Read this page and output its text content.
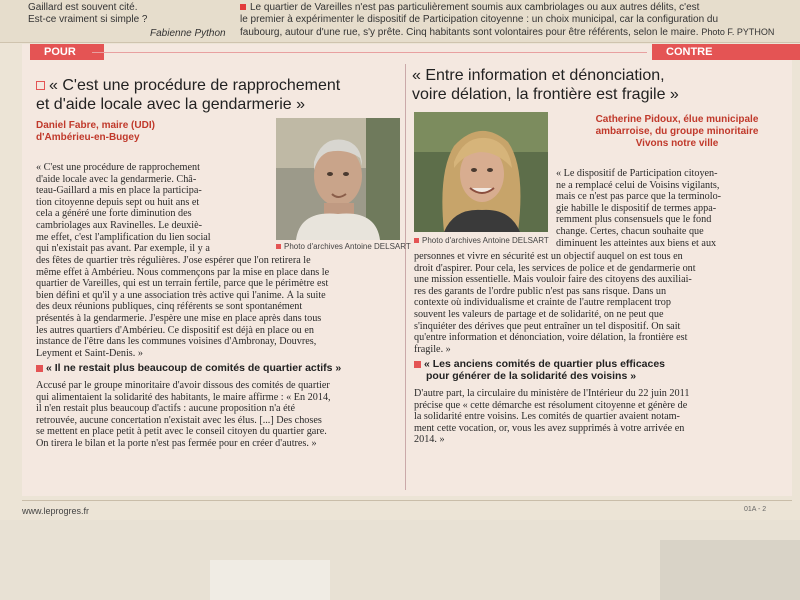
Gaillard est souvent cité.
Est-ce vraiment si simple ?
Fabienne Python
Le quartier de Vareilles n'est pas particulièrement soumis aux cambriolages ou aux autres délits, c'est
le premier à expérimenter le dispositif de Participation citoyenne : un choix municipal, car la configuration du
faubourg, autour d'une rue, s'y prête. Cinq habitants sont volontaires pour être référents, selon le maire. Photo F. PYTHON
POUR	CONTRE
« C'est une procédure de rapprochement
et d'aide locale avec la gendarmerie »
Daniel Fabre, maire (UDI)
d'Ambérieu-en-Bugey
Photo d'archives Antoine DELSART
« C'est une procédure de rapprochement
d'aide locale avec la gendarmerie. Châ-
teau-Gaillard a mis en place la participa-
tion citoyenne depuis sept ou huit ans et
cela a généré une forte diminution des
cambriolages aux Ravinelles. Le deuxiè-
me effet, c'est l'amplification du lien social
qui n'existait pas avant. Par exemple, il y a
des fêtes de quartier très régulières. J'ose espérer que l'on retirera le
même effet à Ambérieu. Nous commençons par la mise en place dans le
quartier de Vareilles, qui est un terrain fertile, parce que le périmètre est
bien défini et qu'il y a une association très active qui l'anime. À la suite
des deux réunions publiques, cinq référents se sont spontanément
présentés à la gendarmerie. J'espère une mise en place après dans tous
les autres quartiers d'Ambérieu. Ce dispositif est déjà en place ou en
instance de l'être dans les communes voisines d'Ambronay, Douvres,
Leyment et Saint-Denis. »
« Il ne restait plus beaucoup de comités de quartier actifs »
Accusé par le groupe minoritaire d'avoir dissous des comités de quartier
qui alimentaient la solidarité des habitants, le maire affirme : « En 2014,
il n'en restait plus beaucoup d'actifs : aucune proposition n'a été
retrouvée, aucune concertation n'existait avec les élus. [...] Des choses
se mettent en place petit à petit avec le conseil citoyen du quartier gare.
On tirera le bilan et la porte n'est pas fermée pour en créer d'autres. »
« Entre information et dénonciation,
voire délation, la frontière est fragile »
Photo d'archives Antoine DELSART
Catherine Pidoux, élue municipale
ambarroise, du groupe minoritaire
Vivons notre ville
« Le dispositif de Participation citoyen-
ne a remplacé celui de Voisins vigilants,
mais ce n'est pas parce que la terminolo-
gie habille le dispositif de termes appa-
remment plus consensuels que le fond
change. Certes, chacun souhaite que
diminuent les atteintes aux biens et aux
personnes et vivre en sécurité est un objectif auquel on est tous en
droit d'aspirer. Pour cela, les services de police et de gendarmerie ont
une mission essentielle. Mais vouloir faire des citoyens des auxiliai-
res des garants de l'ordre public n'est pas sans risque. Dans un
contexte où individualisme et crainte de l'autre remplacent trop
souvent les valeurs de partage et de solidarité, on ne peut que
s'inquiéter des dérives que peut entraîner un tel dispositif. On sait
qu'entre information et dénonciation, voire délation, la frontière est
fragile. »
« Les anciens comités de quartier plus efficaces
pour générer de la solidarité des voisins »
D'autre part, la circulaire du ministère de l'Intérieur du 22 juin 2011
précise que « cette démarche est résolument citoyenne et génère de
la solidarité entre voisins. Les comités de quartier avaient notam-
ment cette vocation, or, vous les avez supprimés à votre arrivée en
2014. »
www.leprogres.fr	01A - 2
